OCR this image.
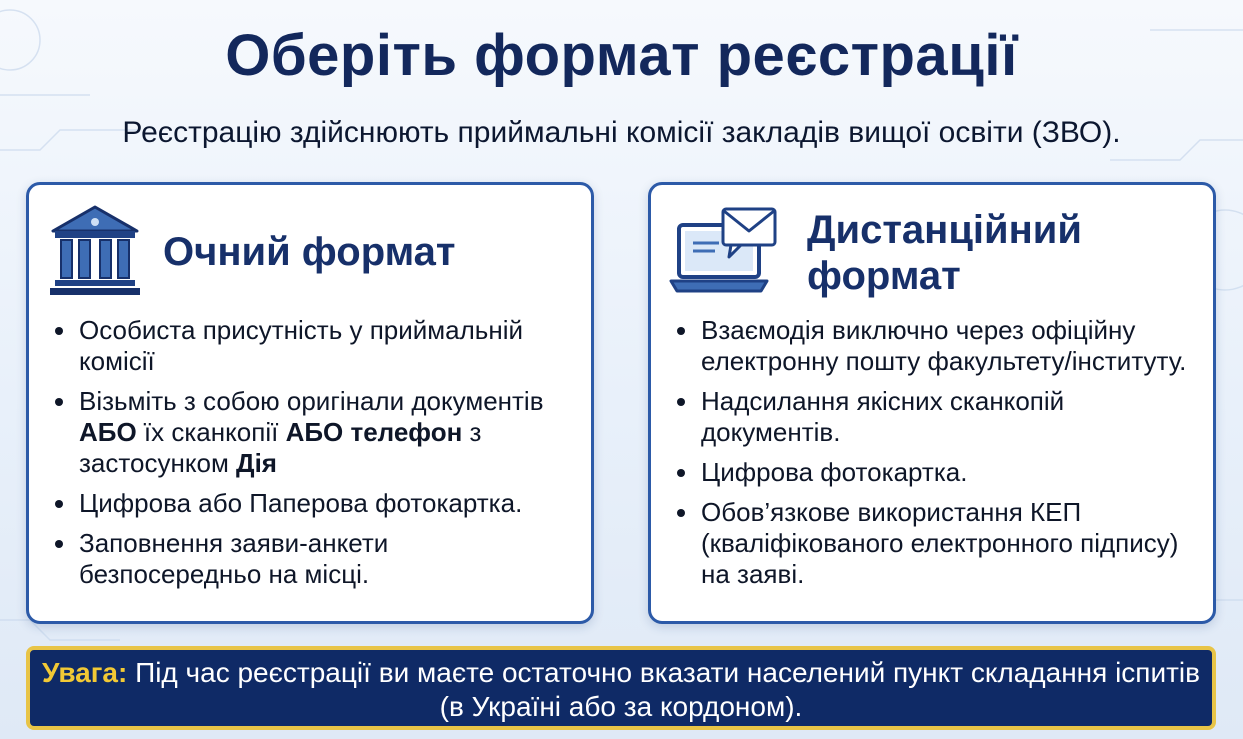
Оберіть формат реєстрації

Реєстрацію здійснюють приймальні комісії закладів вищої освіти (ЗВО).

Очний формат
Особиста присутність у приймальній комісії
Візьміть з собою оригінали документів АБО їх сканкопії АБО телефон з застосунком Дія
Цифрова або Паперова фотокартка.
Заповнення заяви-анкети безпосередньо на місці.
Дистанційний
формат
Взаємодія виключно через офіційну електронну пошту факультету/інституту.
Надсилання якісних сканкопій документів.
Цифрова фотокартка.
Обов’язкове використання КЕП (кваліфікованого електронного підпису) на заяві.
Увага: Під час реєстрації ви маєте остаточно вказати населений пункт складання іспитів (в Україні або за кордоном).
